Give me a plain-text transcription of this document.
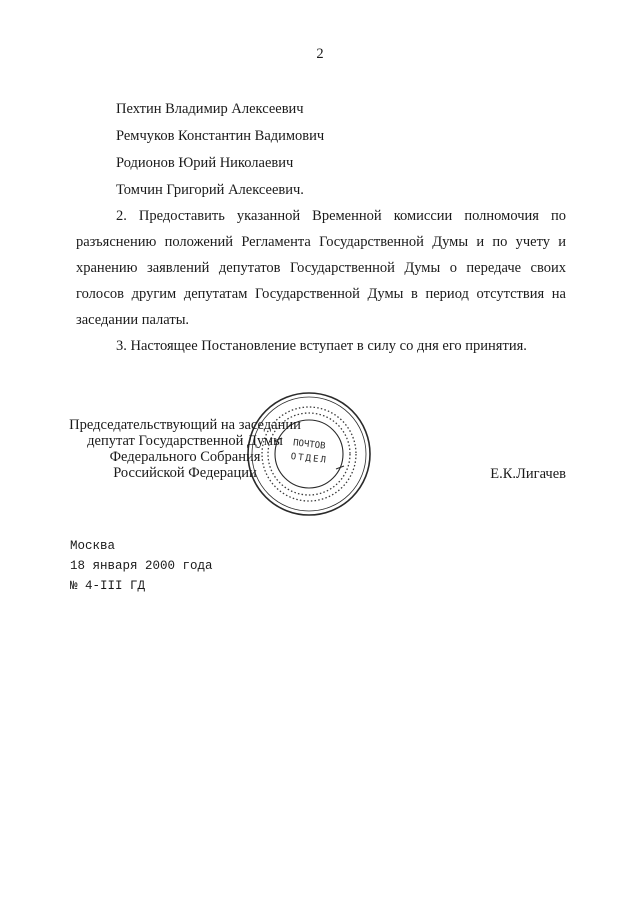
2
Пехтин Владимир Алексеевич
Ремчуков Константин Вадимович
Родионов Юрий Николаевич
Томчин Григорий Алексеевич.

2. Предоставить указанной Временной комиссии полномочия по разъяснению положений Регламента Государственной Думы и по учету и хранению заявлений депутатов Государственной Думы о передаче своих голосов другим депутатам Государственной Думы в период отсутствия на заседании палаты.

3. Настоящее Постановление вступает в силу со дня его принятия.
ПОЧТОВ
ОТДЕЛ
Председательствующий на заседании
депутат Государственной Думы
Федерального Собрания
Российской Федерации	Е.К.Лигачев
Москва
18 января 2000 года
№ 4-III ГД
